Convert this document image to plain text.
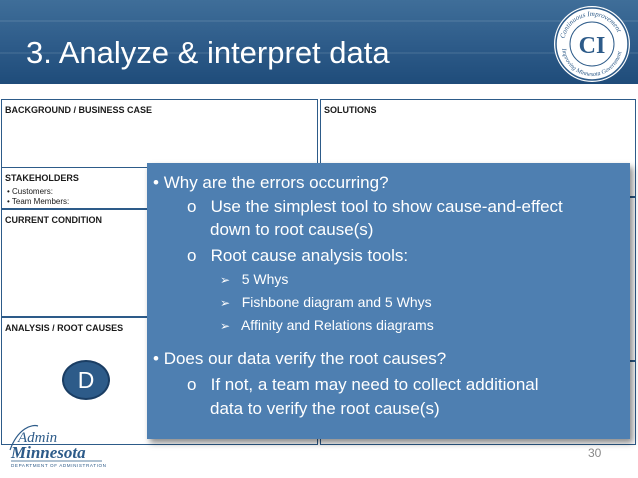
3. Analyze & interpret data	Continuous Improvement
Improving Minnesota Government
CI
BACKGROUND / BUSINESS CASE	SOLUTIONS
STAKEHOLDERS
• Customers:
• Team Members:
CURRENT CONDITION
ANALYSIS / ROOT CAUSES
D
• Why are the errors occurring?
o   Use the simplest tool to show cause-and-effect
down to root cause(s)
o   Root cause analysis tools:
➢ 5 Whys
➢ Fishbone diagram and 5 Whys
➢ Affinity and Relations diagrams
• Does our data verify the root causes?
o   If not, a team may need to collect additional
data to verify the root cause(s)
Admin
Minnesota
DEPARTMENT OF ADMINISTRATION
30
